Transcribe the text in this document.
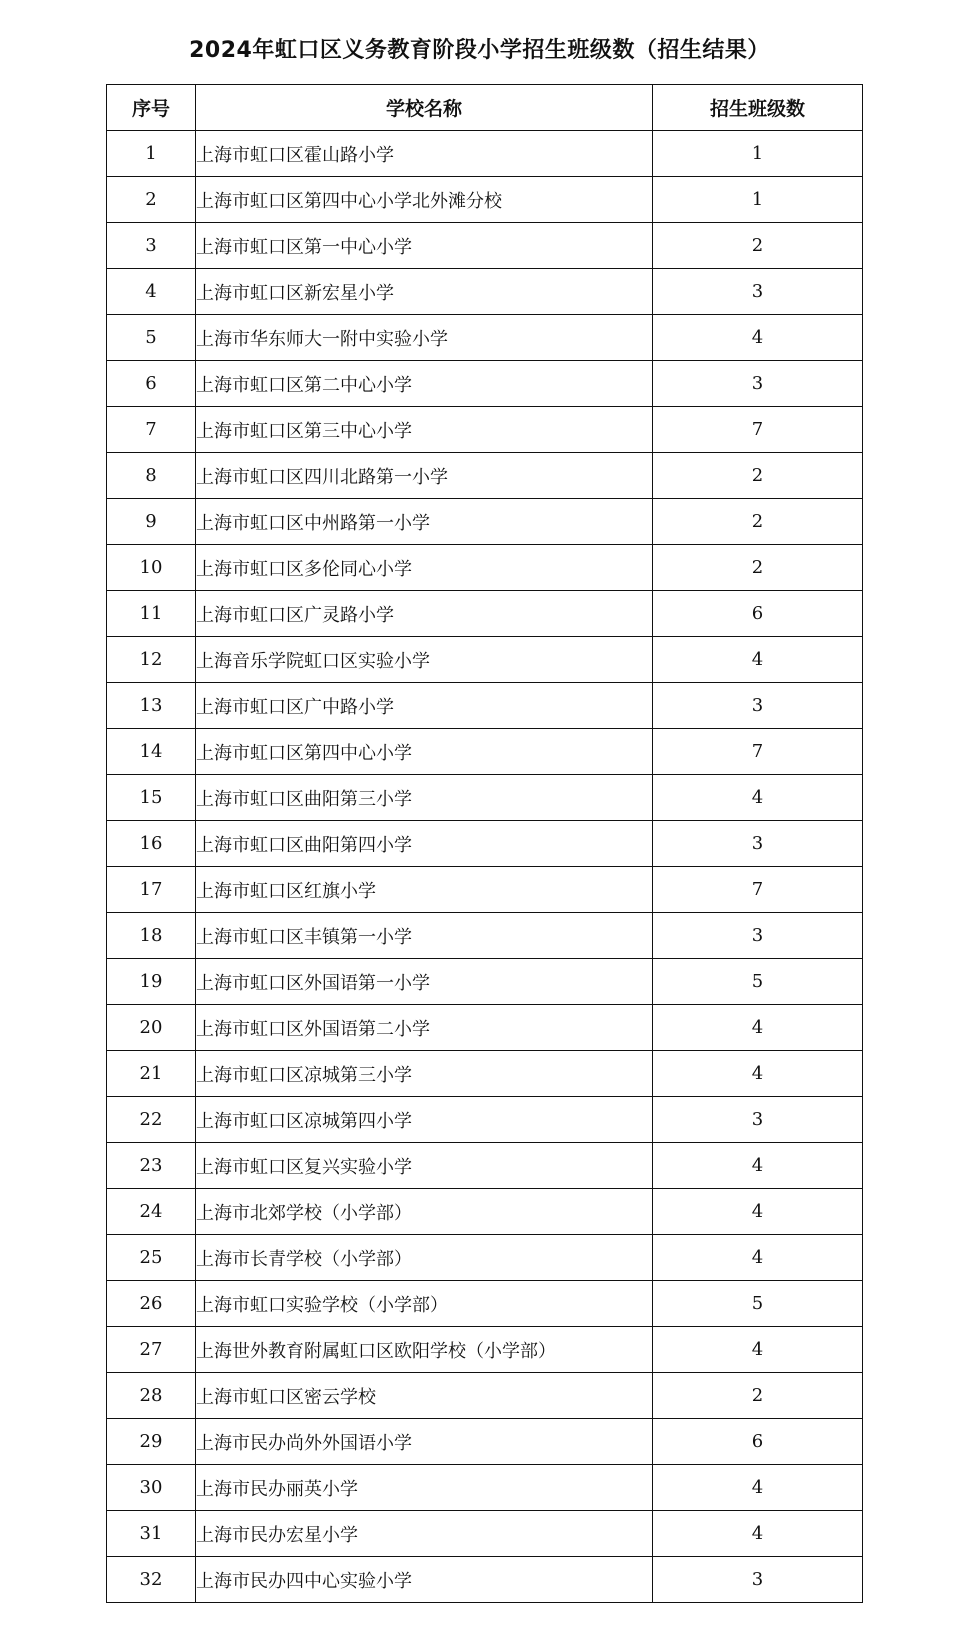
2024年虹口区义务教育阶段小学招生班级数（招生结果）
序号	学校名称	招生班级数
1	上海市虹口区霍山路小学	1
2	上海市虹口区第四中心小学北外滩分校	1
3	上海市虹口区第一中心小学	2
4	上海市虹口区新宏星小学	3
5	上海市华东师大一附中实验小学	4
6	上海市虹口区第二中心小学	3
7	上海市虹口区第三中心小学	7
8	上海市虹口区四川北路第一小学	2
9	上海市虹口区中州路第一小学	2
10	上海市虹口区多伦同心小学	2
11	上海市虹口区广灵路小学	6
12	上海音乐学院虹口区实验小学	4
13	上海市虹口区广中路小学	3
14	上海市虹口区第四中心小学	7
15	上海市虹口区曲阳第三小学	4
16	上海市虹口区曲阳第四小学	3
17	上海市虹口区红旗小学	7
18	上海市虹口区丰镇第一小学	3
19	上海市虹口区外国语第一小学	5
20	上海市虹口区外国语第二小学	4
21	上海市虹口区凉城第三小学	4
22	上海市虹口区凉城第四小学	3
23	上海市虹口区复兴实验小学	4
24	上海市北郊学校（小学部）	4
25	上海市长青学校（小学部）	4
26	上海市虹口实验学校（小学部）	5
27	上海世外教育附属虹口区欧阳学校（小学部）	4
28	上海市虹口区密云学校	2
29	上海市民办尚外外国语小学	6
30	上海市民办丽英小学	4
31	上海市民办宏星小学	4
32	上海市民办四中心实验小学	3
